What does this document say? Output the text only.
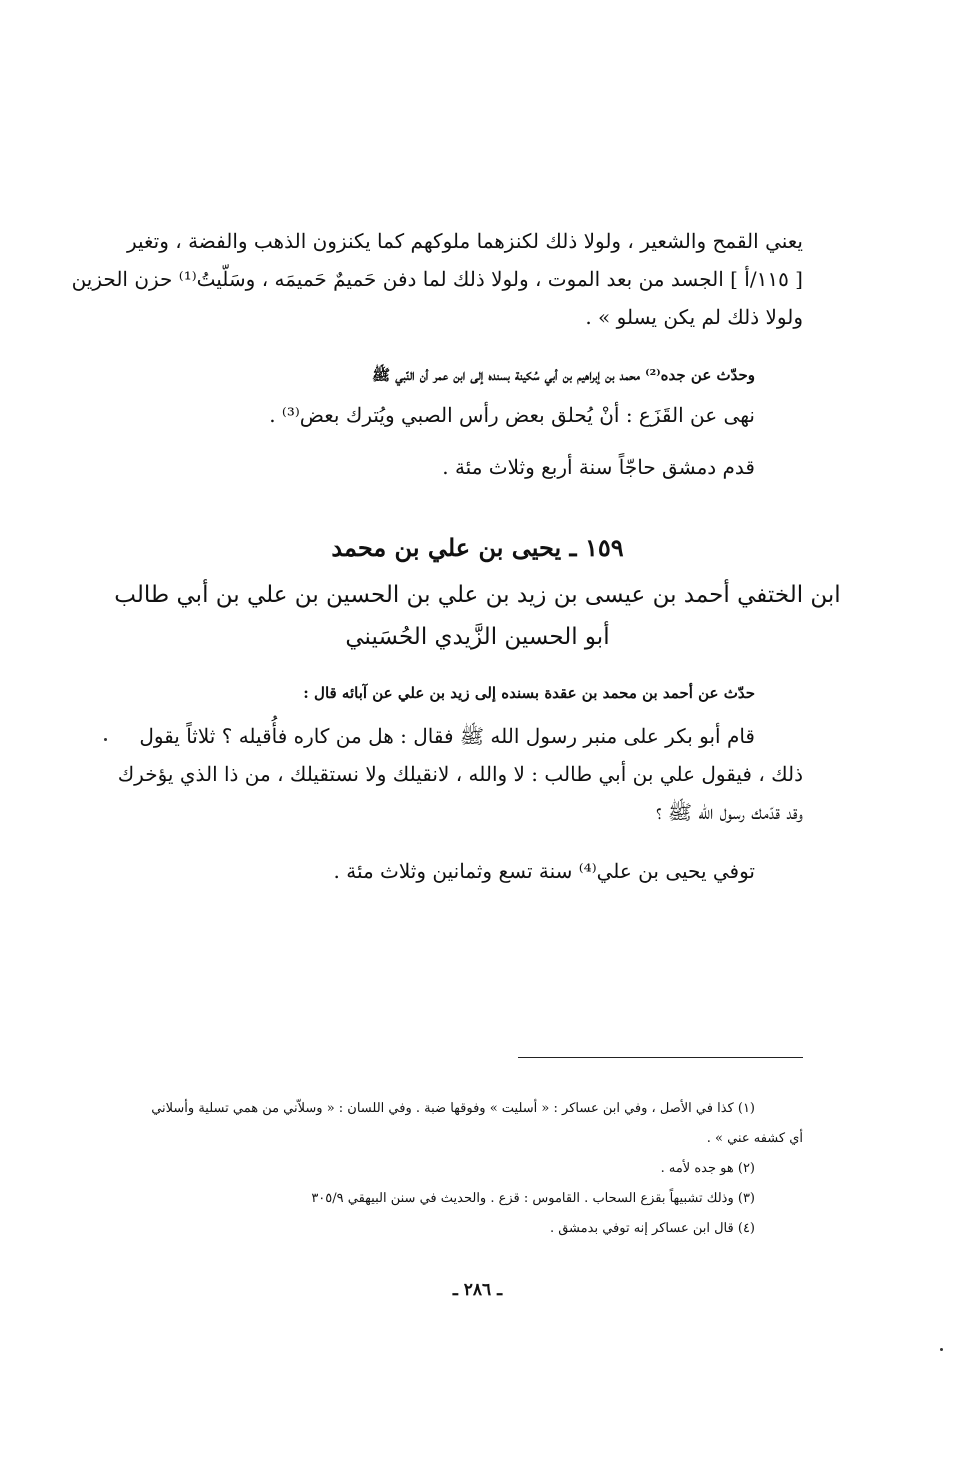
يعني القمح والشعير ، ولولا ذلك لكنزهما ملوكهم كما يكنزون الذهب والفضة ، وتغير
[ ١١٥/أ ] الجسد من بعد الموت ، ولولا ذلك لما دفن حَميمٌ حَميمَه ، وسَلّيتُ⁽¹⁾ حزن الحزين
ولولا ذلك لم يكن يسلو » .
وحدّث عن جده⁽²⁾ محمد بن إبراهيم بن أبي سُكينة بسنده إلى ابن عمر أن النّبي ﷺ
نهى عن القَزَع : أنْ يُحلق بعض رأس الصبي ويُترك بعض⁽³⁾ .
قدم دمشق حاجّاً سنة أربع وثلاث مئة .
١٥٩ ـ يحيى بن علي بن محمد
ابن الختفي أحمد بن عيسى بن زيد بن علي بن الحسين بن علي بن أبي طالب
أبو الحسين الزَّيدي الحُسَيني
حدّث عن أحمد بن محمد بن عقدة بسنده إلى زيد بن علي عن آبائه قال :
قام أبو بكر على منبر رسول الله ﷺ فقال : هل من كاره فأُقيله ؟ ثلاثاً يقول
ذلك ، فيقول علي بن أبي طالب : لا والله ، لانقيلك ولا نستقيلك ، من ذا الذي يؤخرك
وقد قدّمك رسول الله ﷺ ؟
توفي يحيى بن علي⁽⁴⁾ سنة تسع وثمانين وثلاث مئة .
(١) كذا في الأصل ، وفي ابن عساكر : « أسليت » وفوقها ضبة . وفي اللسان : « وسلاّني من همي تسلية وأسلاني
أي كشفه عني » .
(٢) هو جده لأمه .
(٣) وذلك تشبيهاً بقزع السحاب . القاموس : قزع . والحديث في سنن البيهقي ٣٠٥/٩
(٤) قال ابن عساكر إنه توفي بدمشق .
ـ ٢٨٦ ـ
